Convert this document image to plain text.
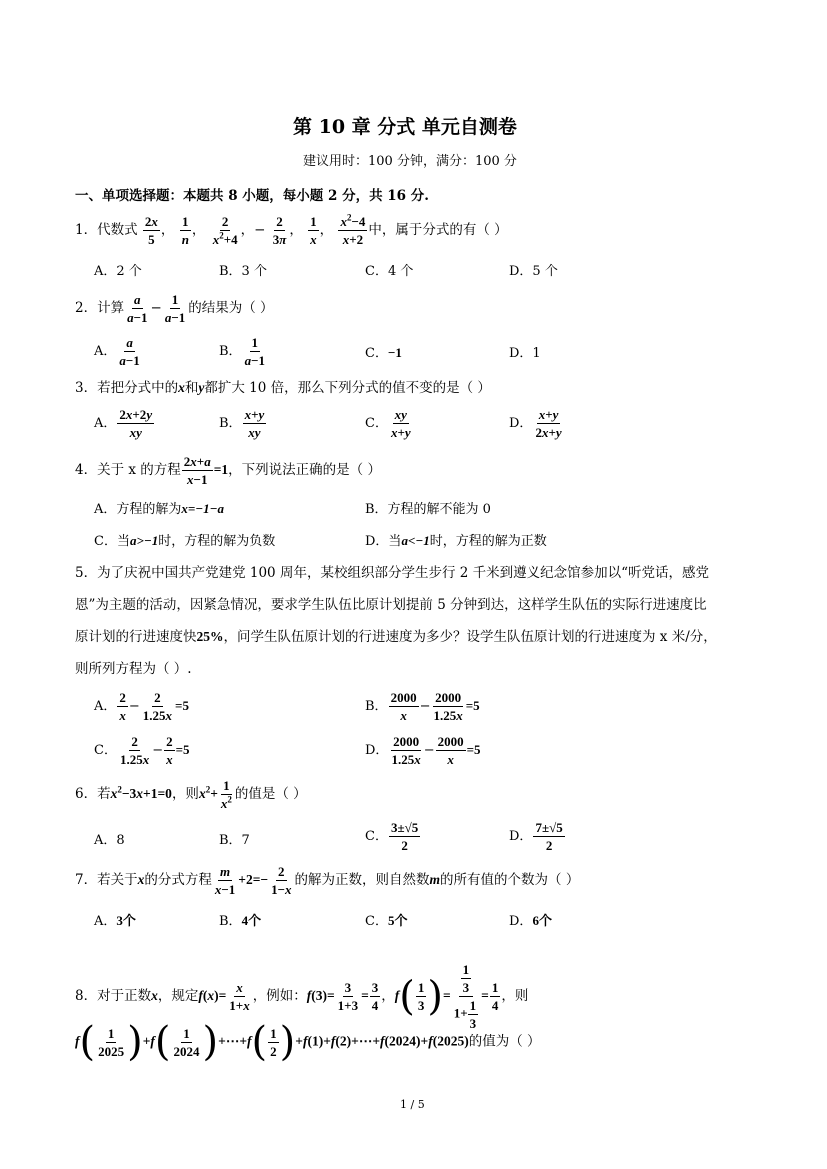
第 10 章 分式 单元自测卷
建议用时：100 分钟，满分：100 分
一、单项选择题：本题共 8 小题，每小题 2 分，共 16 分.
1．代数式 $\frac{2x}{5}$ ， $\frac{1}{n}$ ， $\frac{2}{x^2+4}$ ，− $\frac{2}{3\pi}$ ， $\frac{1}{x}$ ， $\frac{x^2-4}{x+2}$ 中，属于分式的有（ ）
A．2 个	B．3 个	C．4 个	D．5 个
2．计算 $\frac{a}{a-1} - \frac{1}{a-1}$ 的结果为（ ）
A． $\frac{a}{a-1}$	B． $\frac{1}{a-1}$	C．−1	D．1
3．若把分式中的x和y都扩大 10 倍，那么下列分式的值不变的是（ ）
A． $\frac{2x+2y}{xy}$	B． $\frac{x+y}{xy}$	C． $\frac{xy}{x+y}$	D． $\frac{x+y}{2x+y}$
4．关于 x 的方程 $\frac{2x+a}{x-1} =1$，下列说法正确的是（ ）
A．方程的解为x=−1−a	B．方程的解不能为 0
C．当a>−1时，方程的解为负数	D．当a<−1时，方程的解为正数
5．为了庆祝中国共产党建党 100 周年，某校组织部分学生步行 2 千米到遵义纪念馆参加以“听党话，感党
恩”为主题的活动，因紧急情况，要求学生队伍比原计划提前 5 分钟到达，这样学生队伍的实际行进速度比
原计划的行进速度快25%，问学生队伍原计划的行进速度为多少？设学生队伍原计划的行进速度为 x 米/分，
则所列方程为（ ）.
A． $\frac{2}{x} - \frac{2}{1.25x} =5$	B． $\frac{2000}{x} - \frac{2000}{1.25x} =5$
C． $\frac{2}{1.25x} - \frac{2}{x} =5$	D． $\frac{2000}{1.25x} - \frac{2000}{x} =5$
6．若$x^2-3x+1=0$，则$x^2+ \frac{1}{x^2}$ 的值是（ ）
A．8	B．7	C． $\frac{3\pm√5}{2}$	D． $\frac{7\pm√5}{2}$
7．若关于x的分式方程 $\frac{m}{x-1} +2=- \frac{2}{1-x}$ 的解为正数，则自然数m的所有值的个数为（ ）
A．3个	B．4个	C．5个	D．6个
8．对于正数x，规定$f(x)= \frac{x}{1+x}$ ，例如：$f(3)= \frac{3}{1+3} = \frac{3}{4}$ ，$f( \frac{1}{3}$ )= $\frac{\frac{1}{3}}{1+ \frac{1}{3}} = \frac{1}{4}$ ，则
$f( \frac{1}{2025} )+f( \frac{1}{2024}$ )+⋯+f( $\frac{1}{2}$ )+f(1)+f(2)+⋯+f(2024)+f(2025)的值为（ ）
1 / 5
